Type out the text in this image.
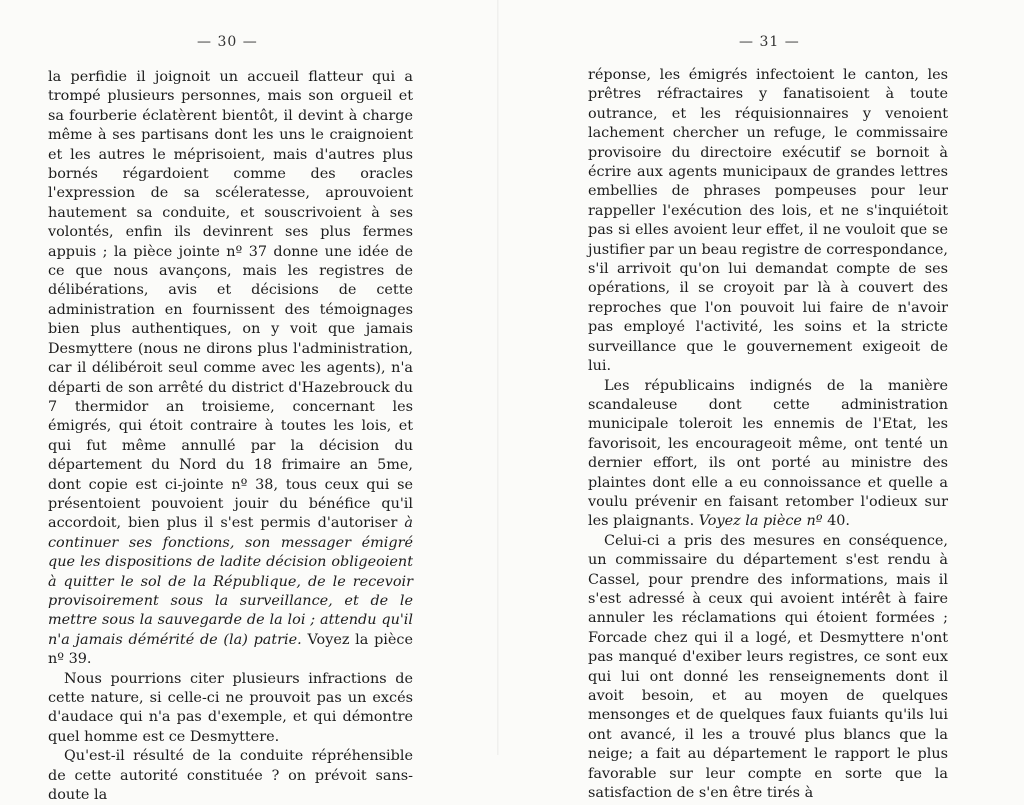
— 30 —

la perfidie il joignoit un accueil flatteur qui a trompé plusieurs personnes, mais son orgueil et sa fourberie éclatèrent bientôt, il devint à charge même à ses partisans dont les uns le craignoient et les autres le méprisoient, mais d'autres plus bornés régardoient comme des oracles l'expression de sa scéleratesse, aprouvoient hautement sa conduite, et souscrivoient à ses volontés, enfin ils devinrent ses plus fermes appuis ; la pièce jointe nº 37 donne une idée de ce que nous avançons, mais les registres de délibérations, avis et décisions de cette administration en fournissent des témoignages bien plus authentiques, on y voit que jamais Desmyttere (nous ne dirons plus l'administration, car il délibéroit seul comme avec les agents), n'a départi de son arrêté du district d'Hazebrouck du 7 thermidor an troisieme, concernant les émigrés, qui étoit contraire à toutes les lois, et qui fut même annullé par la décision du département du Nord du 18 frimaire an 5me, dont copie est ci-jointe nº 38, tous ceux qui se présentoient pouvoient jouir du bénéfice qu'il accordoit, bien plus il s'est permis d'autoriser à continuer ses fonctions, son messager émigré que les dispositions de ladite décision obligeoient à quitter le sol de la République, de le recevoir provisoirement sous la surveillance, et de le mettre sous la sauvegarde de la loi ; attendu qu'il n'a jamais démérité de (la) patrie. Voyez la pièce nº 39.

Nous pourrions citer plusieurs infractions de cette nature, si celle-ci ne prouvoit pas un excés d'audace qui n'a pas d'exemple, et qui démontre quel homme est ce Desmyttere.

Qu'est-il résulté de la conduite répréhensible de cette autorité constituée ? on prévoit sans-doute la

— 31 —

réponse, les émigrés infectoient le canton, les prêtres réfractaires y fanatisoient à toute outrance, et les réquisionnaires y venoient lachement chercher un refuge, le commissaire provisoire du directoire exécutif se bornoit à écrire aux agents municipaux de grandes lettres embellies de phrases pompeuses pour leur rappeller l'exécution des lois, et ne s'inquiétoit pas si elles avoient leur effet, il ne vouloit que se justifier par un beau registre de correspondance, s'il arrivoit qu'on lui demandat compte de ses opérations, il se croyoit par là à couvert des reproches que l'on pouvoit lui faire de n'avoir pas employé l'activité, les soins et la stricte surveillance que le gouvernement exigeoit de lui.

Les républicains indignés de la manière scandaleuse dont cette administration municipale toleroit les ennemis de l'Etat, les favorisoit, les encourageoit même, ont tenté un dernier effort, ils ont porté au ministre des plaintes dont elle a eu connoissance et quelle a voulu prévenir en faisant retomber l'odieux sur les plaignants. Voyez la pièce nº 40.

Celui-ci a pris des mesures en conséquence, un commissaire du département s'est rendu à Cassel, pour prendre des informations, mais il s'est adressé à ceux qui avoient intérêt à faire annuler les réclamations qui étoient formées ; Forcade chez qui il a logé, et Desmyttere n'ont pas manqué d'exiber leurs registres, ce sont eux qui lui ont donné les renseignements dont il avoit besoin, et au moyen de quelques mensonges et de quelques faux fuiants qu'ils lui ont avancé, il les a trouvé plus blancs que la neige; a fait au département le rapport le plus favorable sur leur compte en sorte que la satisfaction de s'en être tirés à
